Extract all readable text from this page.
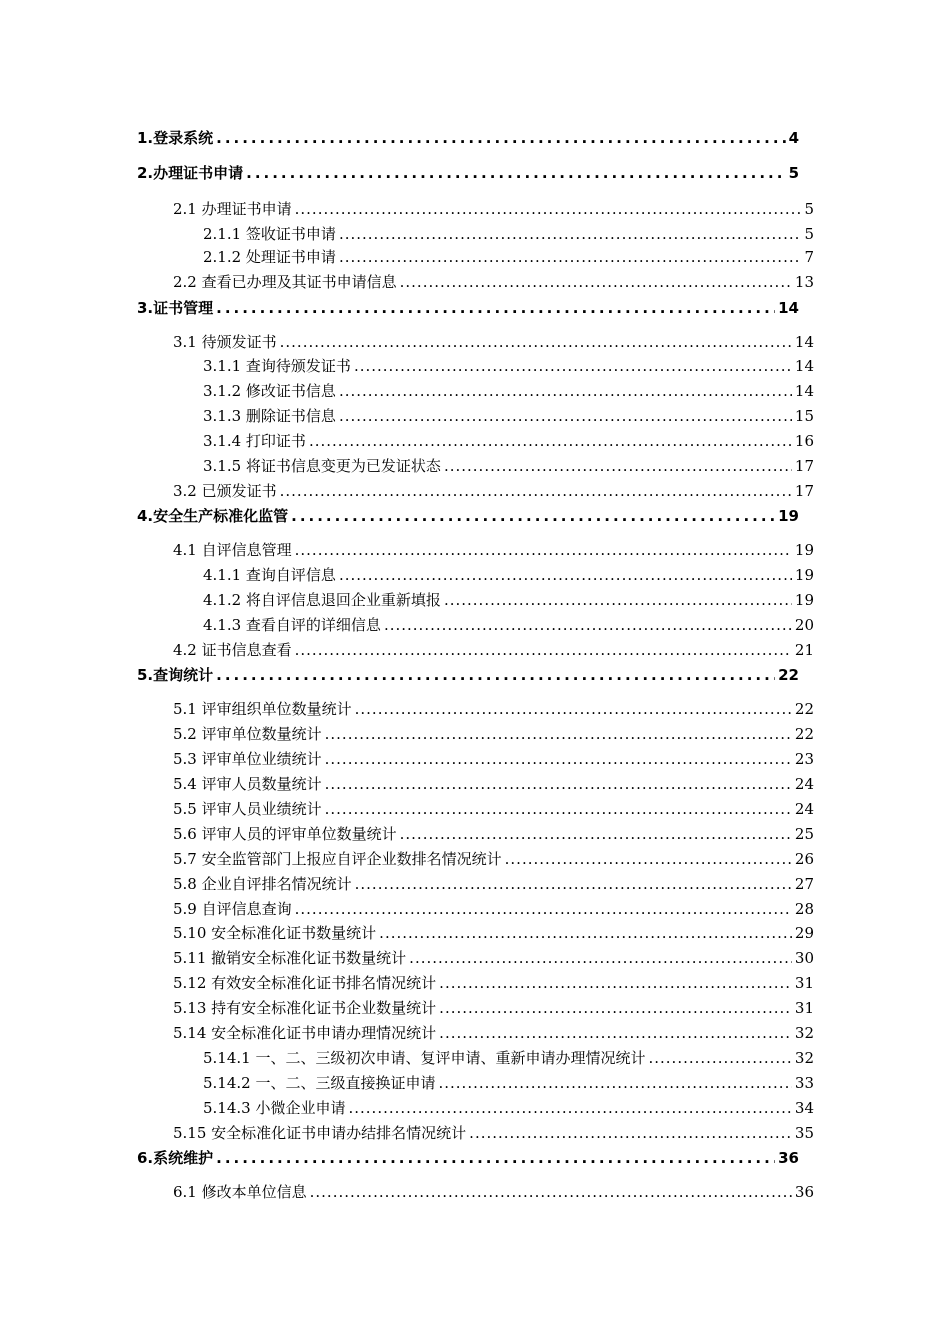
1.登录系统 .....	4
2.办理证书申请 .....	5
2.1 办理证书申请 .....	5
2.1.1 签收证书申请 .....	5
2.1.2 处理证书申请 .....	7
2.2 查看已办理及其证书申请信息 .....	13
3.证书管理 .....	14
3.1 待颁发证书 .....	14
3.1.1 查询待颁发证书 .....	14
3.1.2 修改证书信息 .....	14
3.1.3 删除证书信息 .....	15
3.1.4 打印证书 .....	16
3.1.5 将证书信息变更为已发证状态 .....	17
3.2 已颁发证书 .....	17
4.安全生产标准化监管 .....	19
4.1 自评信息管理 .....	19
4.1.1 查询自评信息 .....	19
4.1.2 将自评信息退回企业重新填报 .....	19
4.1.3 查看自评的详细信息 .....	20
4.2 证书信息查看 .....	21
5.查询统计 .....	22
5.1 评审组织单位数量统计 .....	22
5.2 评审单位数量统计 .....	22
5.3 评审单位业绩统计 .....	23
5.4 评审人员数量统计 .....	24
5.5 评审人员业绩统计 .....	24
5.6 评审人员的评审单位数量统计 .....	25
5.7 安全监管部门上报应自评企业数排名情况统计 .....	26
5.8 企业自评排名情况统计 .....	27
5.9 自评信息查询 .....	28
5.10 安全标准化证书数量统计 .....	29
5.11 撤销安全标准化证书数量统计 .....	30
5.12 有效安全标准化证书排名情况统计 .....	31
5.13 持有安全标准化证书企业数量统计 .....	31
5.14 安全标准化证书申请办理情况统计 .....	32
5.14.1 一、二、三级初次申请、复评申请、重新申请办理情况统计 .....	32
5.14.2 一、二、三级直接换证申请 .....	33
5.14.3 小微企业申请 .....	34
5.15 安全标准化证书申请办结排名情况统计 .....	35
6.系统维护 .....	36
6.1 修改本单位信息 .....	36
